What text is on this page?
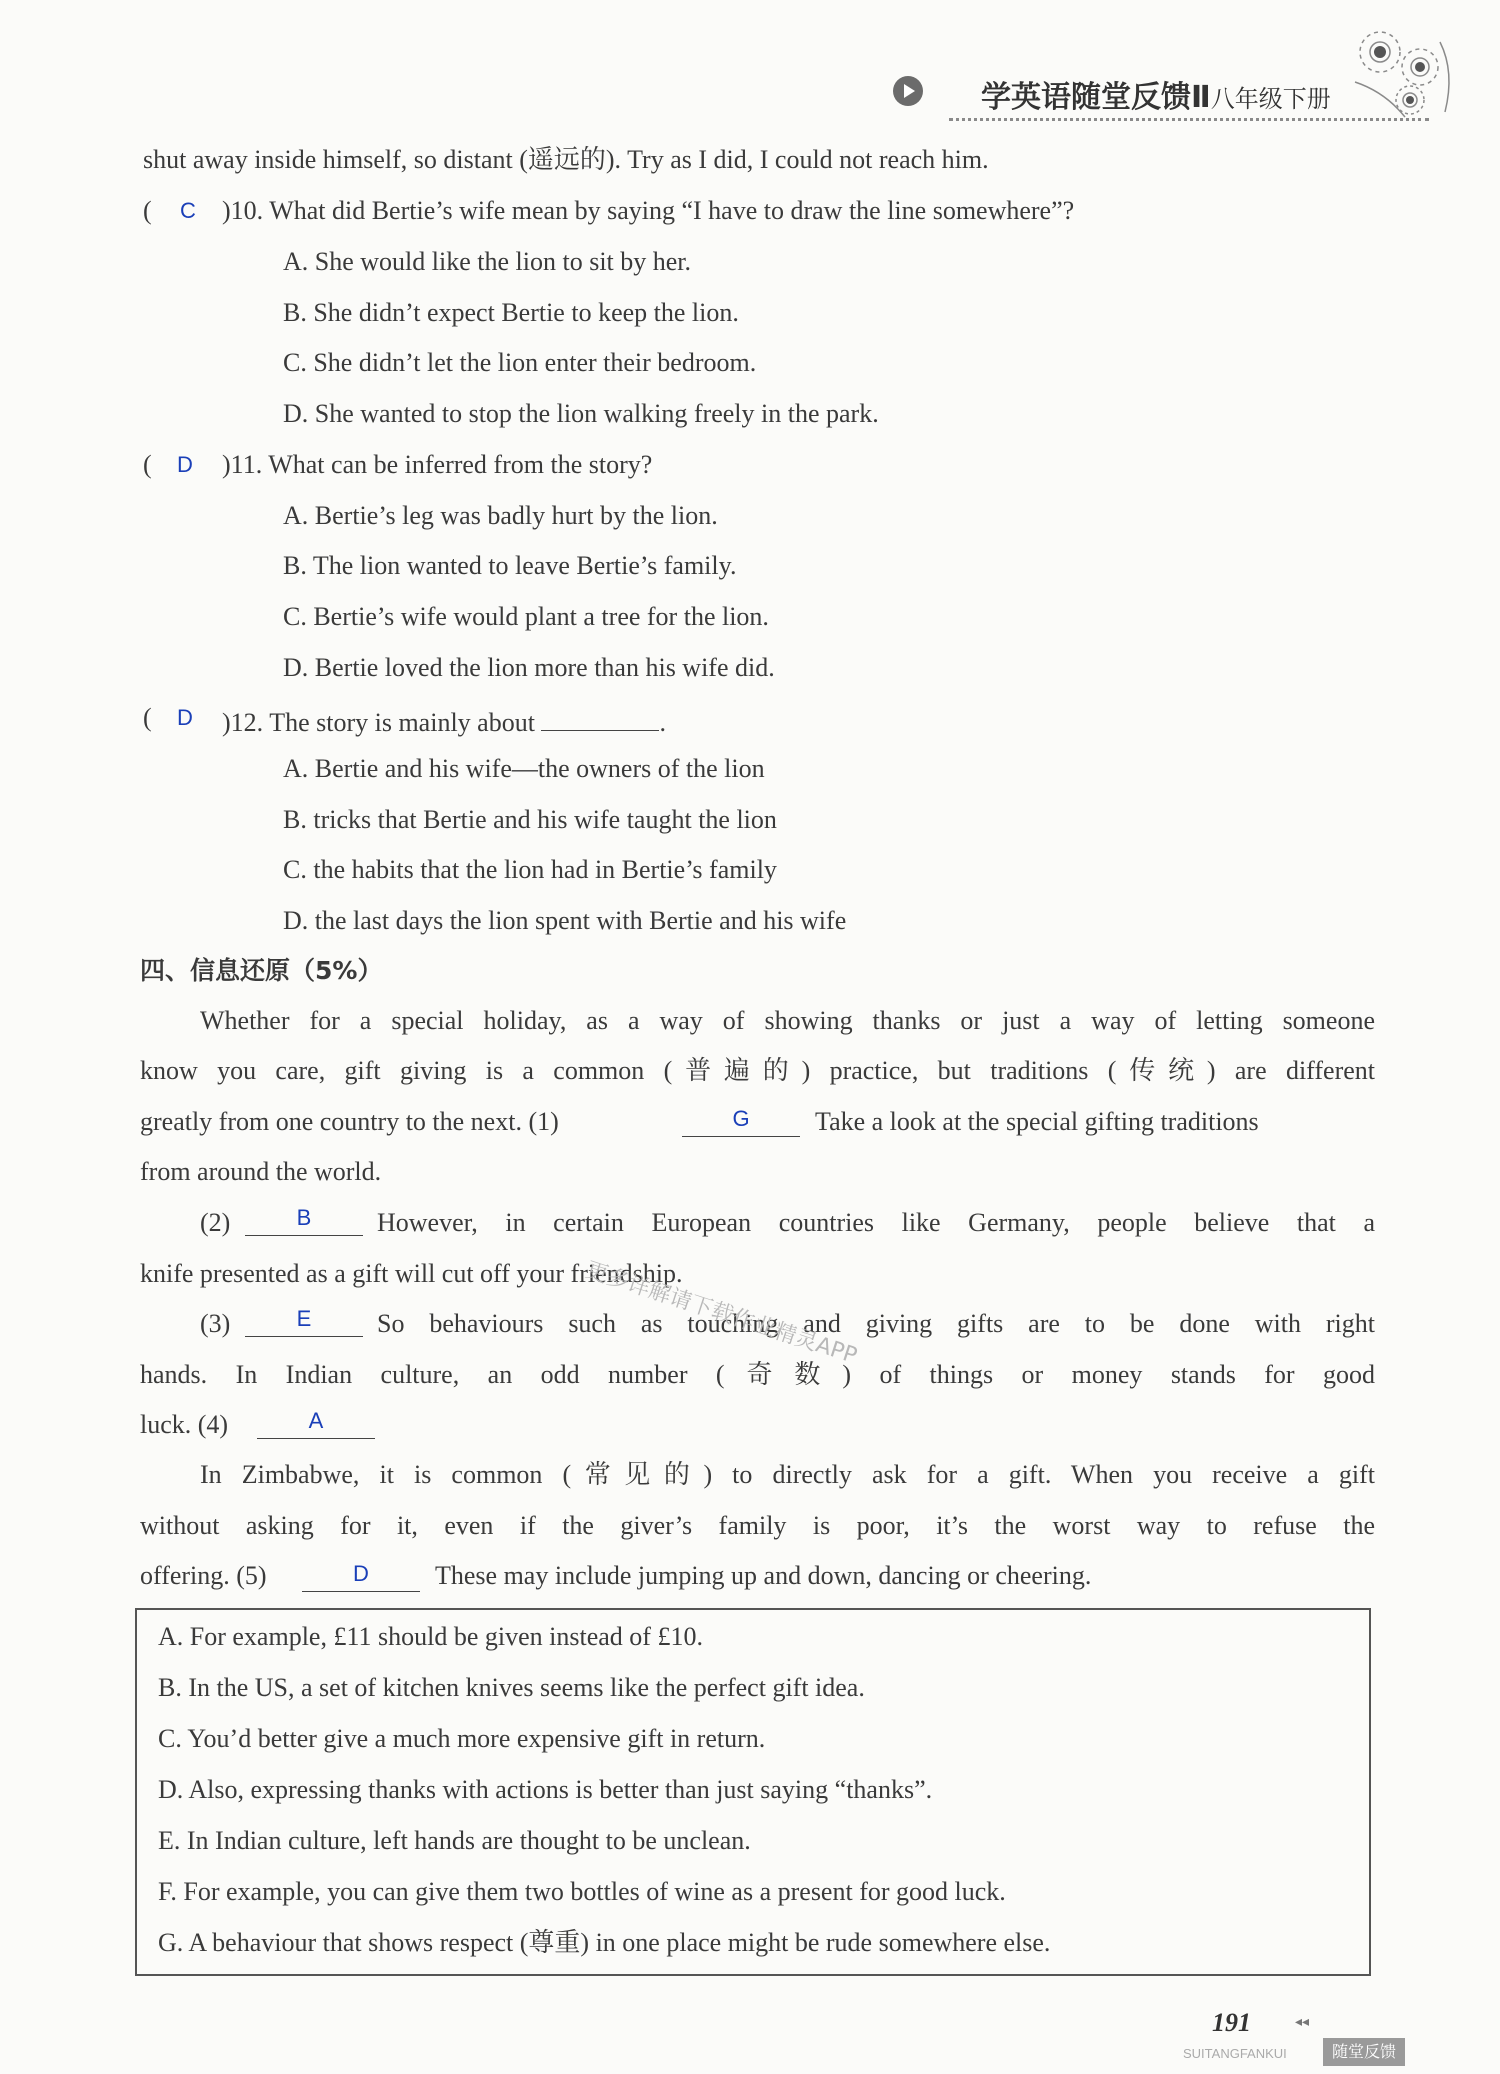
学英语随堂反馈Ⅱ八年级下册
shut away inside himself, so distant (遥远的). Try as I did, I could not reach him.
( C )10. What did Bertie’s wife mean by saying “I have to draw the line somewhere”?
A. She would like the lion to sit by her.
B. She didn’t expect Bertie to keep the lion.
C. She didn’t let the lion enter their bedroom.
D. She wanted to stop the lion walking freely in the park.
( D )11. What can be inferred from the story?
A. Bertie’s leg was badly hurt by the lion.
B. The lion wanted to leave Bertie’s family.
C. Bertie’s wife would plant a tree for the lion.
D. Bertie loved the lion more than his wife did.
( D )12. The story is mainly about	.
A. Bertie and his wife—the owners of the lion
B. tricks that Bertie and his wife taught the lion
C. the habits that the lion had in Bertie’s family
D. the last days the lion spent with Bertie and his wife
四、信息还原（5%）
Whether for a special holiday, as a way of showing thanks or just a way of letting someone
know you care, gift giving is a common (普遍的) practice, but traditions (传统) are different
greatly from one country to the next. (1)	G	Take a look at the special gifting traditions
from around the world.
(2)	B	However, in certain European countries like Germany, people believe that a
knife presented as a gift will cut off your friendship.
(3)	E	So behaviours such as touching and giving gifts are to be done with right
hands. In Indian culture, an odd number (奇数) of things or money stands for good
luck. (4)	A
In Zimbabwe, it is common (常见的) to directly ask for a gift. When you receive a gift
without asking for it, even if the giver’s family is poor, it’s the worst way to refuse the
offering. (5)	D	These may include jumping up and down, dancing or cheering.
更多详解请下载作业精灵APP
A. For example, £11 should be given instead of £10.
B. In the US, a set of kitchen knives seems like the perfect gift idea.
C. You’d better give a much more expensive gift in return.
D. Also, expressing thanks with actions is better than just saying “thanks”.
E. In Indian culture, left hands are thought to be unclean.
F. For example, you can give them two bottles of wine as a present for good luck.
G. A behaviour that shows respect (尊重) in one place might be rude somewhere else.
191	◂◂
SUITANGFANKUI	随堂反馈
